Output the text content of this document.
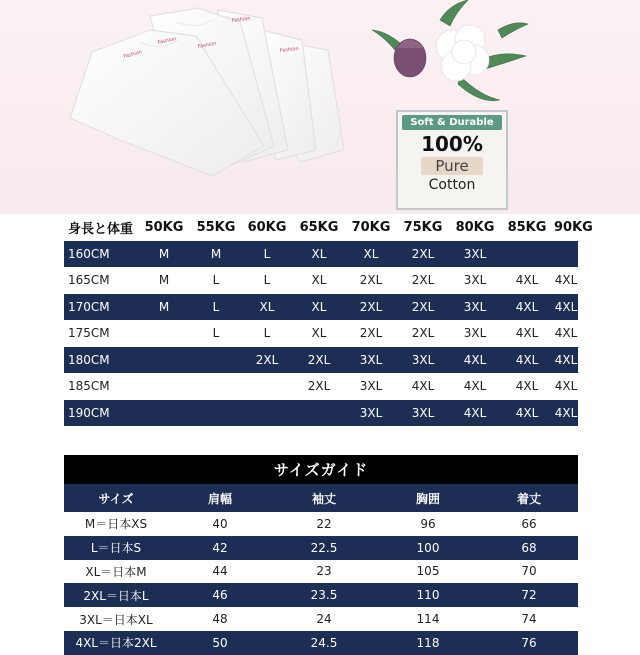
Fashion
Fashion	Fashion
Fashion
Fashion
Soft & Durable
100%
Pure
Cotton
身長と体重	50KG	55KG	60KG	65KG	70KG	75KG	80KG	85KG	90KG
160CM	M	M	L	XL	XL	2XL	3XL		
165CM	M	L	L	XL	2XL	2XL	3XL	4XL	4XL
170CM	M	L	XL	XL	2XL	2XL	3XL	4XL	4XL
175CM		L	L	XL	2XL	2XL	3XL	4XL	4XL
180CM			2XL	2XL	3XL	3XL	4XL	4XL	4XL
185CM				2XL	3XL	4XL	4XL	4XL	4XL
190CM					3XL	3XL	4XL	4XL	4XL
サイズガイド				
サイズ	肩幅	袖丈	胸囲	着丈
M＝日本XS	40	22	96	66
L＝日本S	42	22.5	100	68
XL＝日本M	44	23	105	70
2XL＝日本L	46	23.5	110	72
3XL＝日本XL	48	24	114	74
4XL＝日本2XL	50	24.5	118	76
